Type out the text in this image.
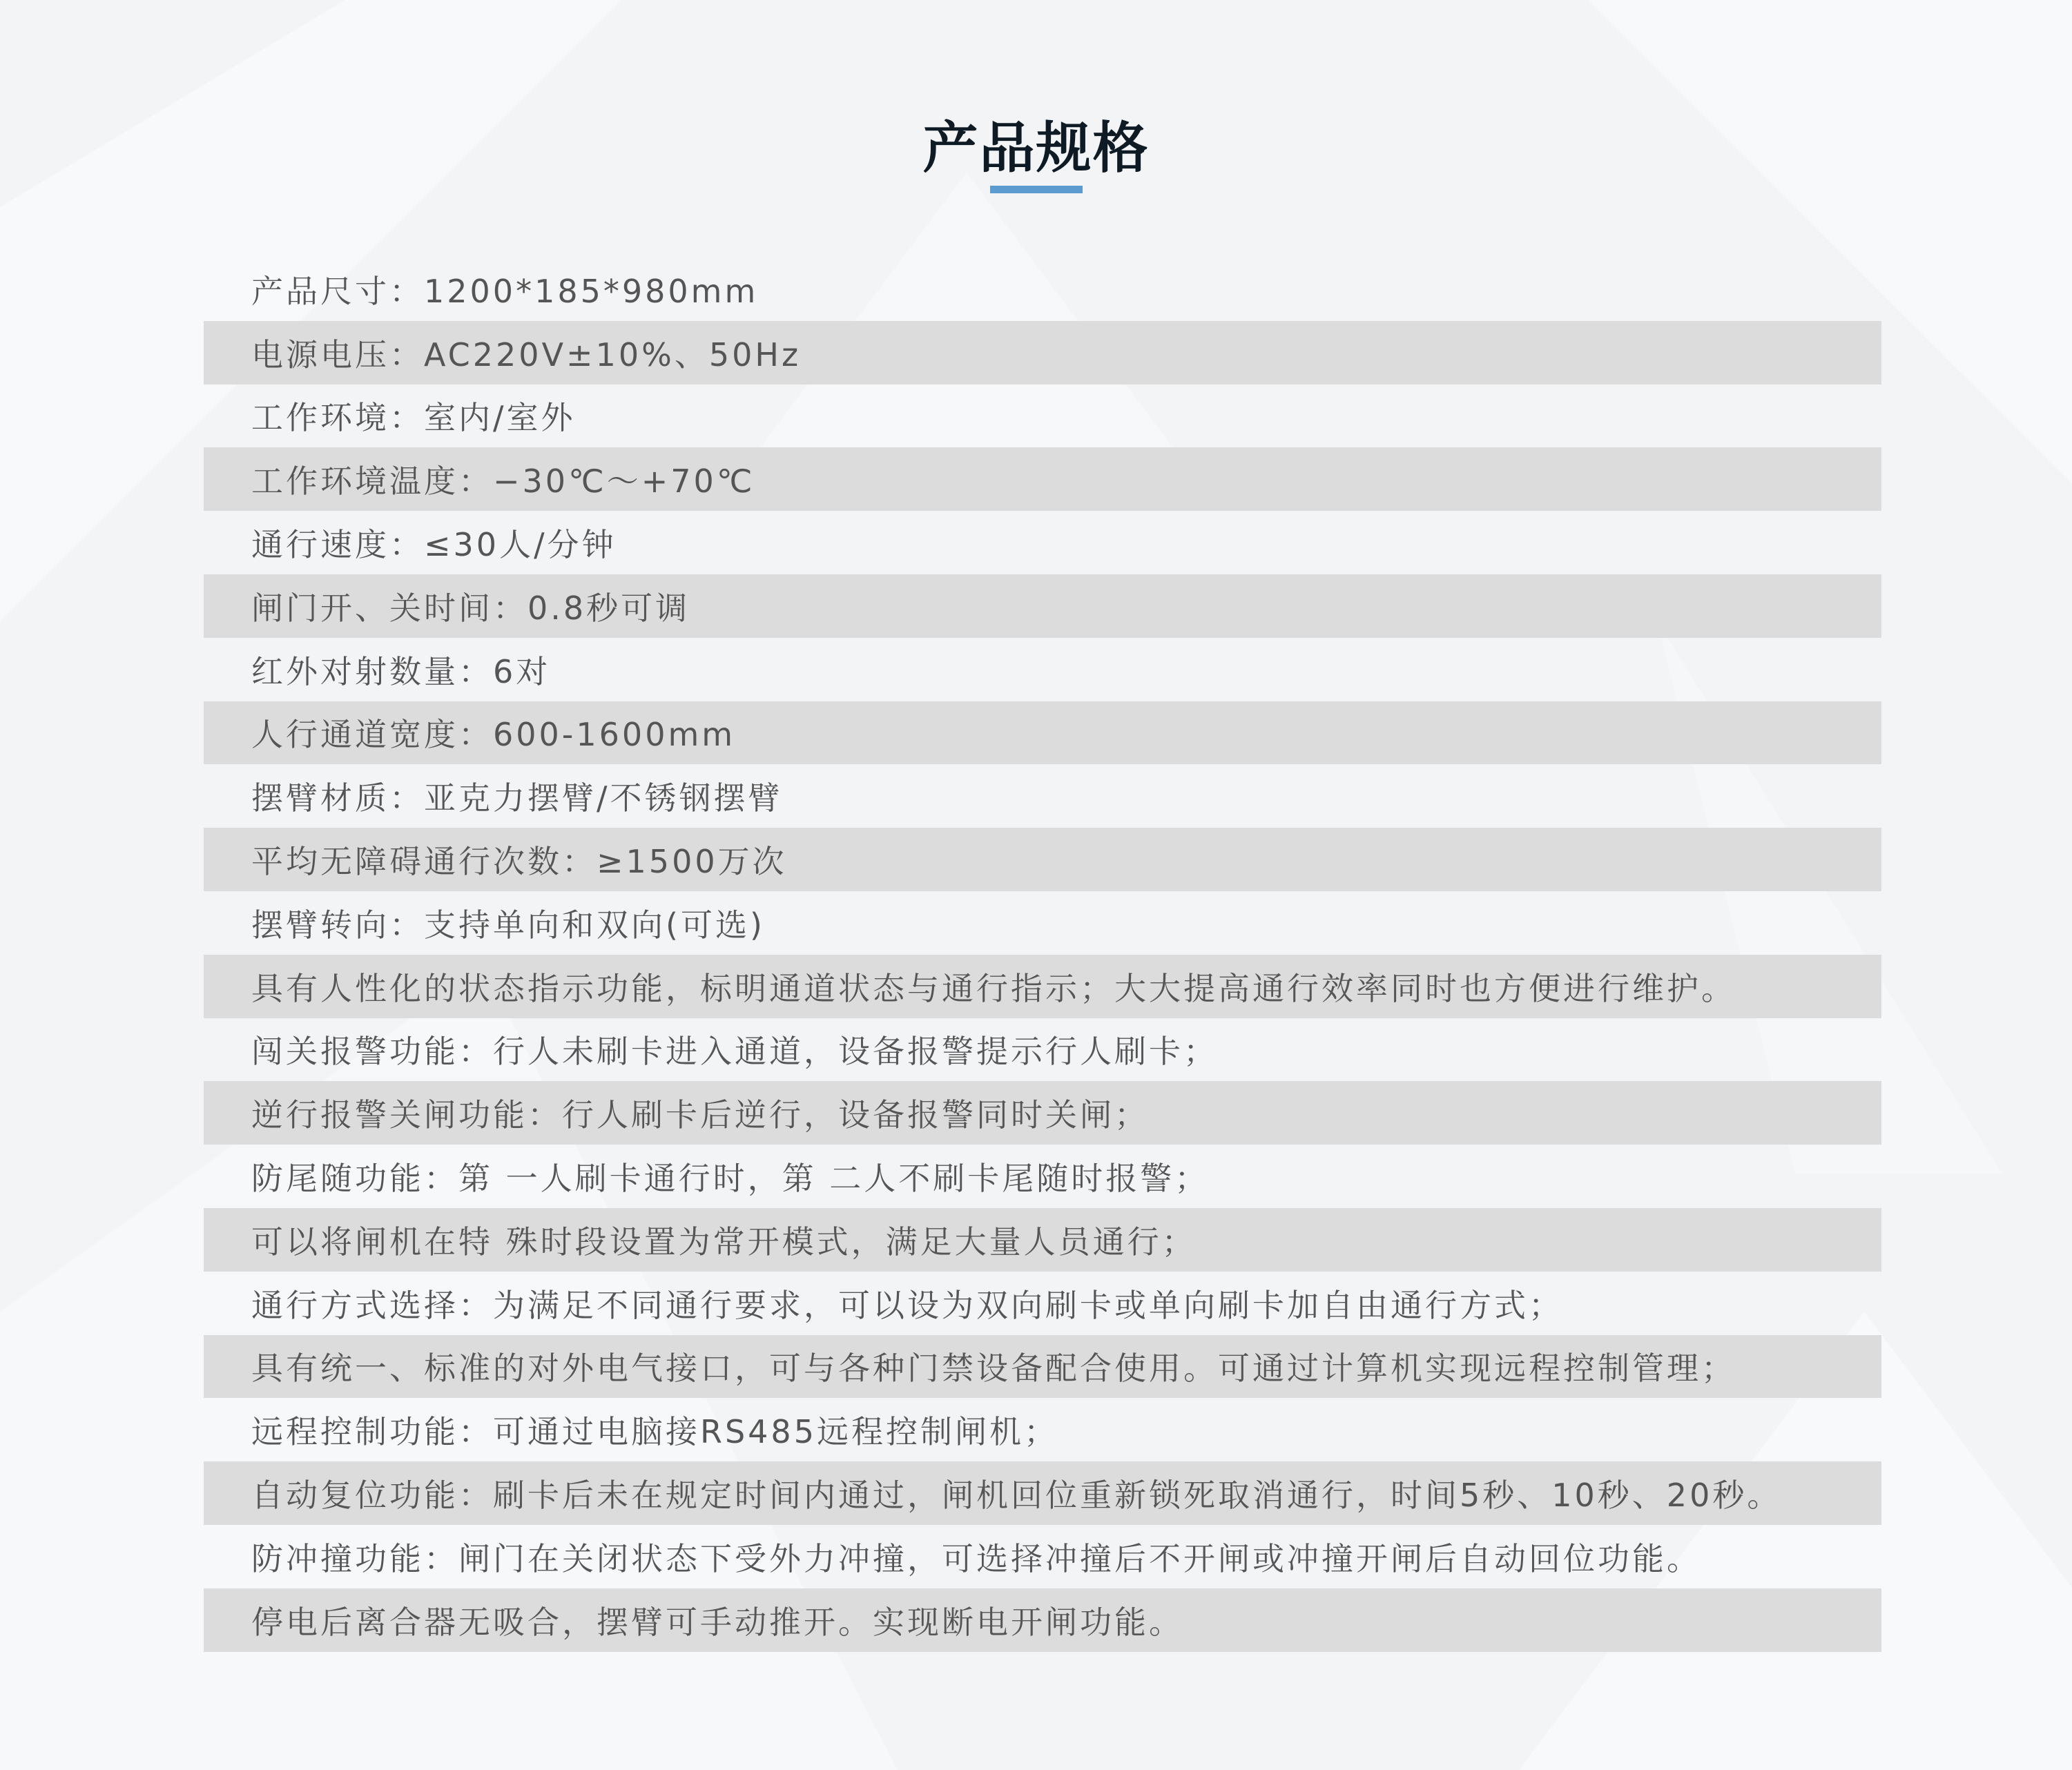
产品规格
产品尺寸：1200*185*980mm
电源电压：AC220V±10%、50Hz
工作环境：室内/室外
工作环境温度：−30℃～+70℃
通行速度：≤30人/分钟
闸门开、关时间：0.8秒可调
红外对射数量：6对
人行通道宽度：600-1600mm
摆臂材质：亚克力摆臂/不锈钢摆臂
平均无障碍通行次数：≥1500万次
摆臂转向：支持单向和双向(可选)
具有人性化的状态指示功能，标明通道状态与通行指示；大大提高通行效率同时也方便进行维护。
闯关报警功能：行人未刷卡进入通道，设备报警提示行人刷卡；
逆行报警关闸功能：行人刷卡后逆行，设备报警同时关闸；
防尾随功能：第 一人刷卡通行时，第 二人不刷卡尾随时报警；
可以将闸机在特 殊时段设置为常开模式，满足大量人员通行；
通行方式选择：为满足不同通行要求，可以设为双向刷卡或单向刷卡加自由通行方式；
具有统一、标准的对外电气接口，可与各种门禁设备配合使用。可通过计算机实现远程控制管理；
远程控制功能：可通过电脑接RS485远程控制闸机；
自动复位功能：刷卡后未在规定时间内通过，闸机回位重新锁死取消通行，时间5秒、10秒、20秒。
防冲撞功能：闸门在关闭状态下受外力冲撞，可选择冲撞后不开闸或冲撞开闸后自动回位功能。
停电后离合器无吸合，摆臂可手动推开。实现断电开闸功能。
